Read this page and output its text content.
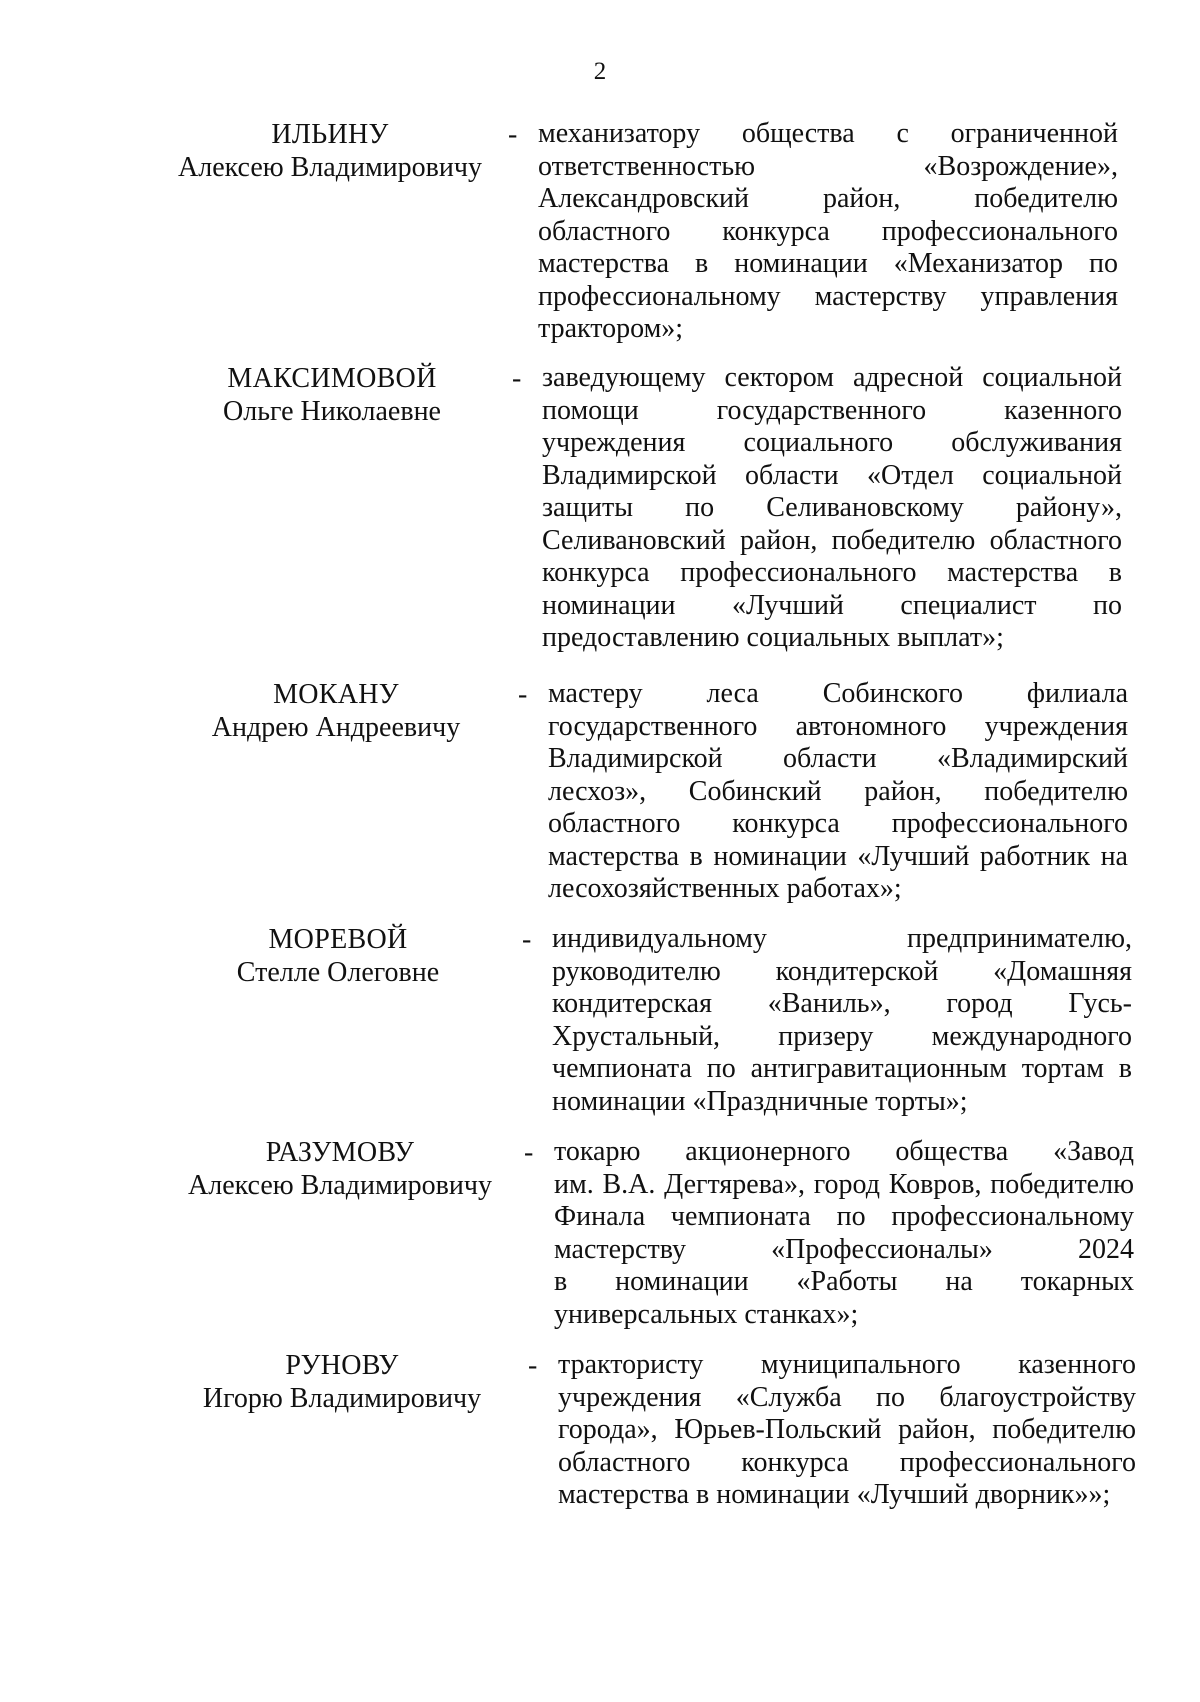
2
ИЛЬИНУ
Алексею Владимировичу
- механизатору общества с ограниченной
ответственностью «Возрождение»,
Александровский район, победителю
областного конкурса профессионального
мастерства в номинации «Механизатор по
профессиональному мастерству управления
трактором»;
МАКСИМОВОЙ
Ольге Николаевне
- заведующему сектором адресной социальной
помощи государственного казенного
учреждения социального обслуживания
Владимирской области «Отдел социальной
защиты по Селивановскому району»,
Селивановский район, победителю областного
конкурса профессионального мастерства в
номинации «Лучший специалист по
предоставлению социальных выплат»;
МОКАНУ
Андрею Андреевичу
- мастеру леса Собинского филиала
государственного автономного учреждения
Владимирской области «Владимирский
лесхоз», Собинский район, победителю
областного конкурса профессионального
мастерства в номинации «Лучший работник на
лесохозяйственных работах»;
МОРЕВОЙ
Стелле Олеговне
- индивидуальному предпринимателю,
руководителю кондитерской «Домашняя
кондитерская «Ваниль», город Гусь-
Хрустальный, призеру международного
чемпионата по антигравитационным тортам в
номинации «Праздничные торты»;
РАЗУМОВУ
Алексею Владимировичу
- токарю акционерного общества «Завод
им. В.А. Дегтярева», город Ковров, победителю
Финала чемпионата по профессиональному
мастерству «Профессионалы» 2024
в номинации «Работы на токарных
универсальных станках»;
РУНОВУ
Игорю Владимировичу
- трактористу муниципального казенного
учреждения «Служба по благоустройству
города», Юрьев-Польский район, победителю
областного конкурса профессионального
мастерства в номинации «Лучший дворник»»;
